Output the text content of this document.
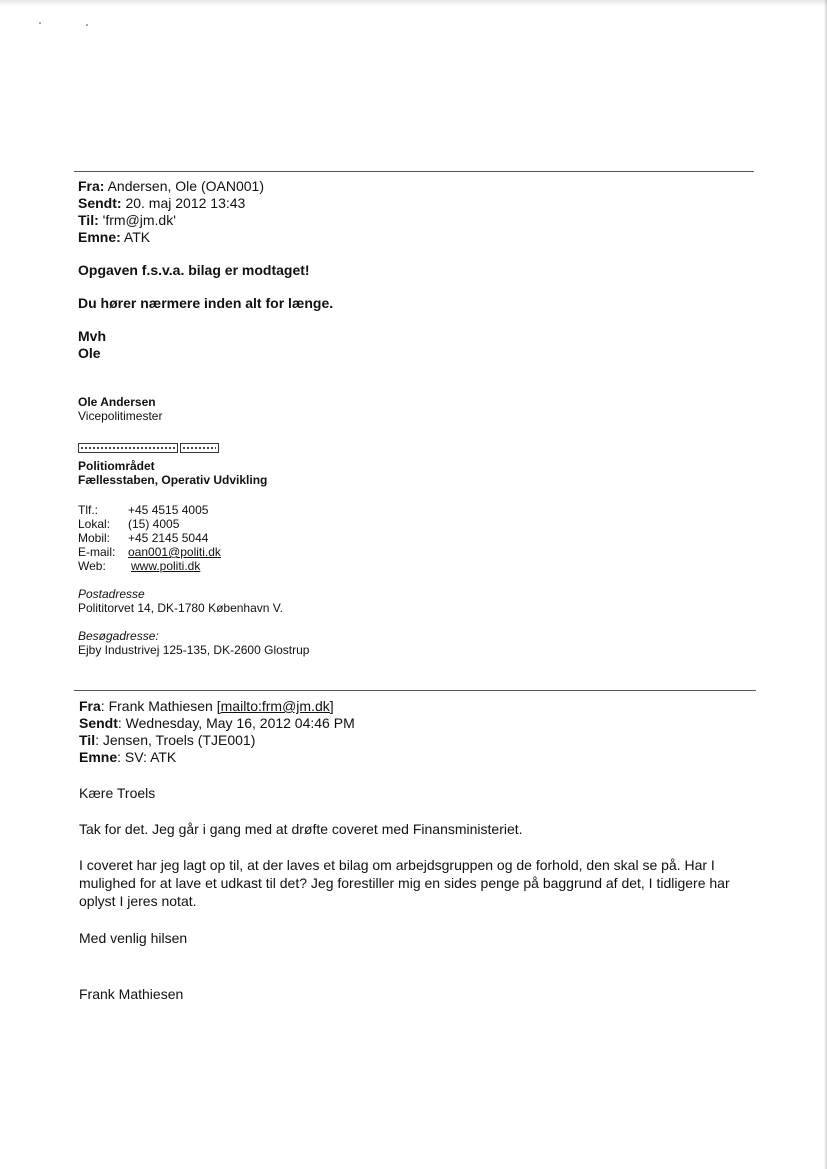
Fra: Andersen, Ole (OAN001)
Sendt: 20. maj 2012 13:43
Til: 'frm@jm.dk'
Emne: ATK
Opgaven f.s.v.a. bilag er modtaget!
Du hører nærmere inden alt for længe.
Mvh
Ole
Ole Andersen
Vicepolitimester
Politiområdet
Fællesstaben, Operativ Udvikling
Tlf.:	+45 4515 4005
Lokal: (15) 4005
Mobil: +45 2145 5044
E-mail: oan001@politi.dk
Web: www.politi.dk
Postadresse
Polititorvet 14, DK-1780 København V.
Besøgadresse:
Ejby Industrivej 125-135, DK-2600 Glostrup
Fra: Frank Mathiesen [mailto:frm@jm.dk]
Sendt: Wednesday, May 16, 2012 04:46 PM
Til: Jensen, Troels (TJE001)
Emne: SV: ATK
Kære Troels
Tak for det. Jeg går i gang med at drøfte coveret med Finansministeriet.
I coveret har jeg lagt op til, at der laves et bilag om arbejdsgruppen og de forhold, den skal se på. Har I
mulighed for at lave et udkast til det? Jeg forestiller mig en sides penge på baggrund af det, I tidligere har
oplyst I jeres notat.
Med venlig hilsen
Frank Mathiesen
